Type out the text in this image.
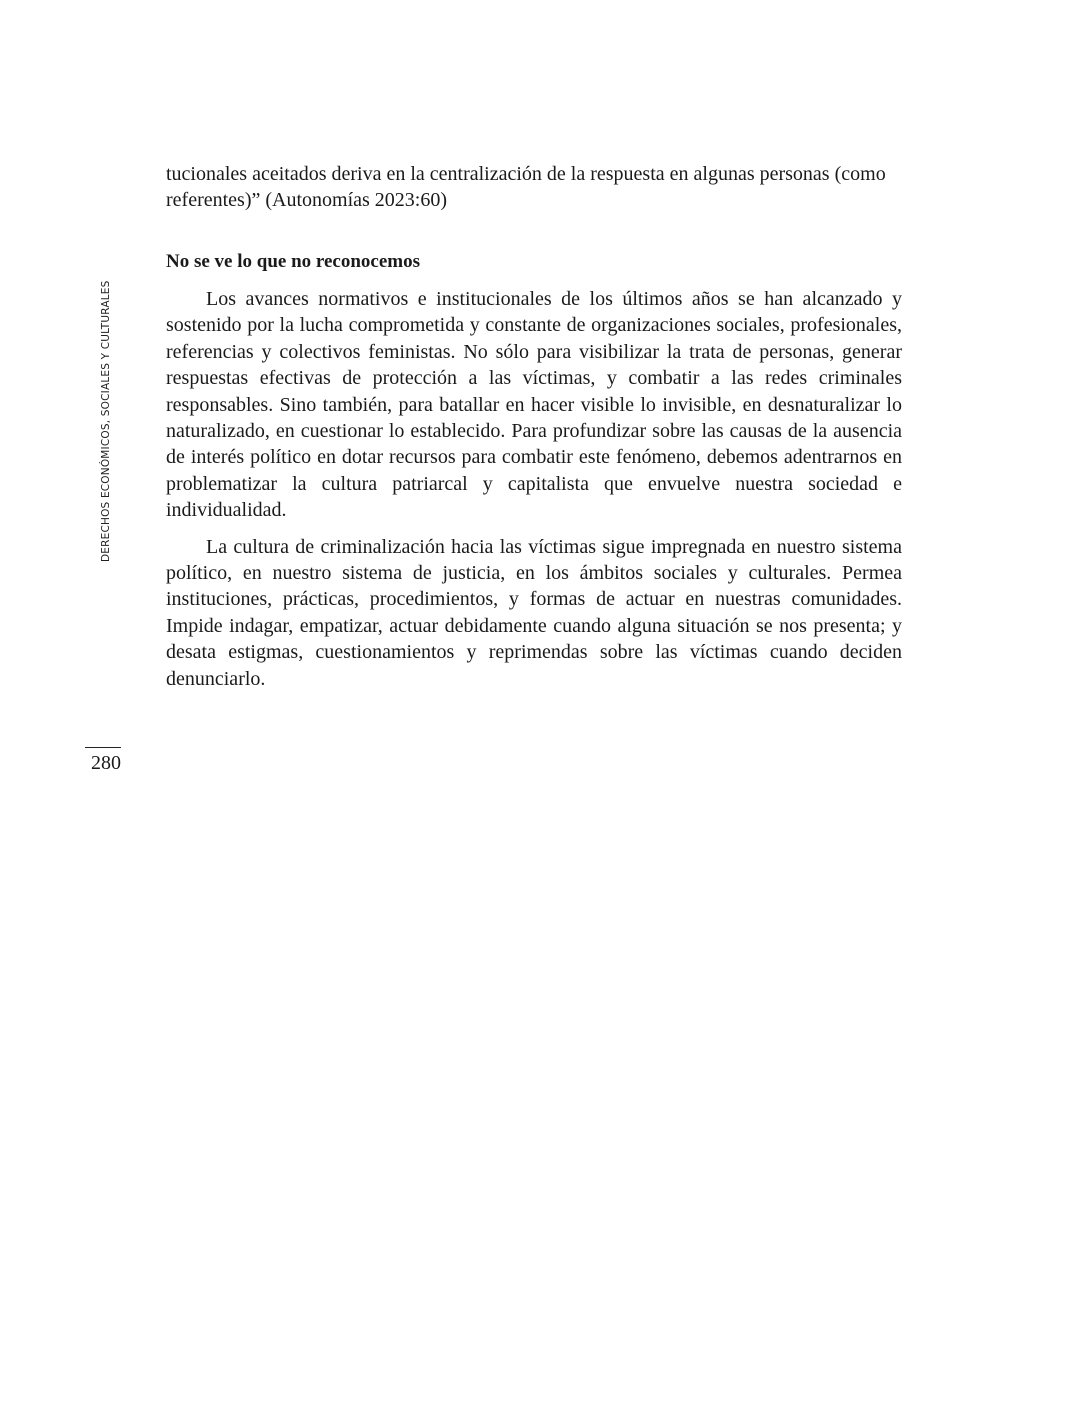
DERECHOS ECONÓMICOS, SOCIALES Y CULTURALES

tucionales aceitados deriva en la centralización de la respuesta en algunas personas (como referentes)” (Autonomías 2023:60)

No se ve lo que no reconocemos

Los avances normativos e institucionales de los últimos años se han alcanzado y sostenido por la lucha comprometida y constante de organizaciones sociales, profesionales, referencias y colectivos feministas. No sólo para visibilizar la trata de personas, generar respuestas efectivas de protección a las víctimas, y combatir a las redes criminales responsables. Sino también, para batallar en hacer visible lo invisible, en desnaturalizar lo naturalizado, en cuestionar lo establecido. Para profundizar sobre las causas de la ausencia de interés político en dotar recursos para combatir este fenómeno, debemos adentrarnos en problematizar la cultura patriarcal y capitalista que envuelve nuestra sociedad e individualidad.

La cultura de criminalización hacia las víctimas sigue impregnada en nuestro sistema político, en nuestro sistema de justicia, en los ámbitos sociales y culturales. Permea instituciones, prácticas, procedimientos, y formas de actuar en nuestras comunidades. Impide indagar, empatizar, actuar debidamente cuando alguna situación se nos presenta; y desata estigmas, cuestionamientos y reprimendas sobre las víctimas cuando deciden denunciarlo.

280
